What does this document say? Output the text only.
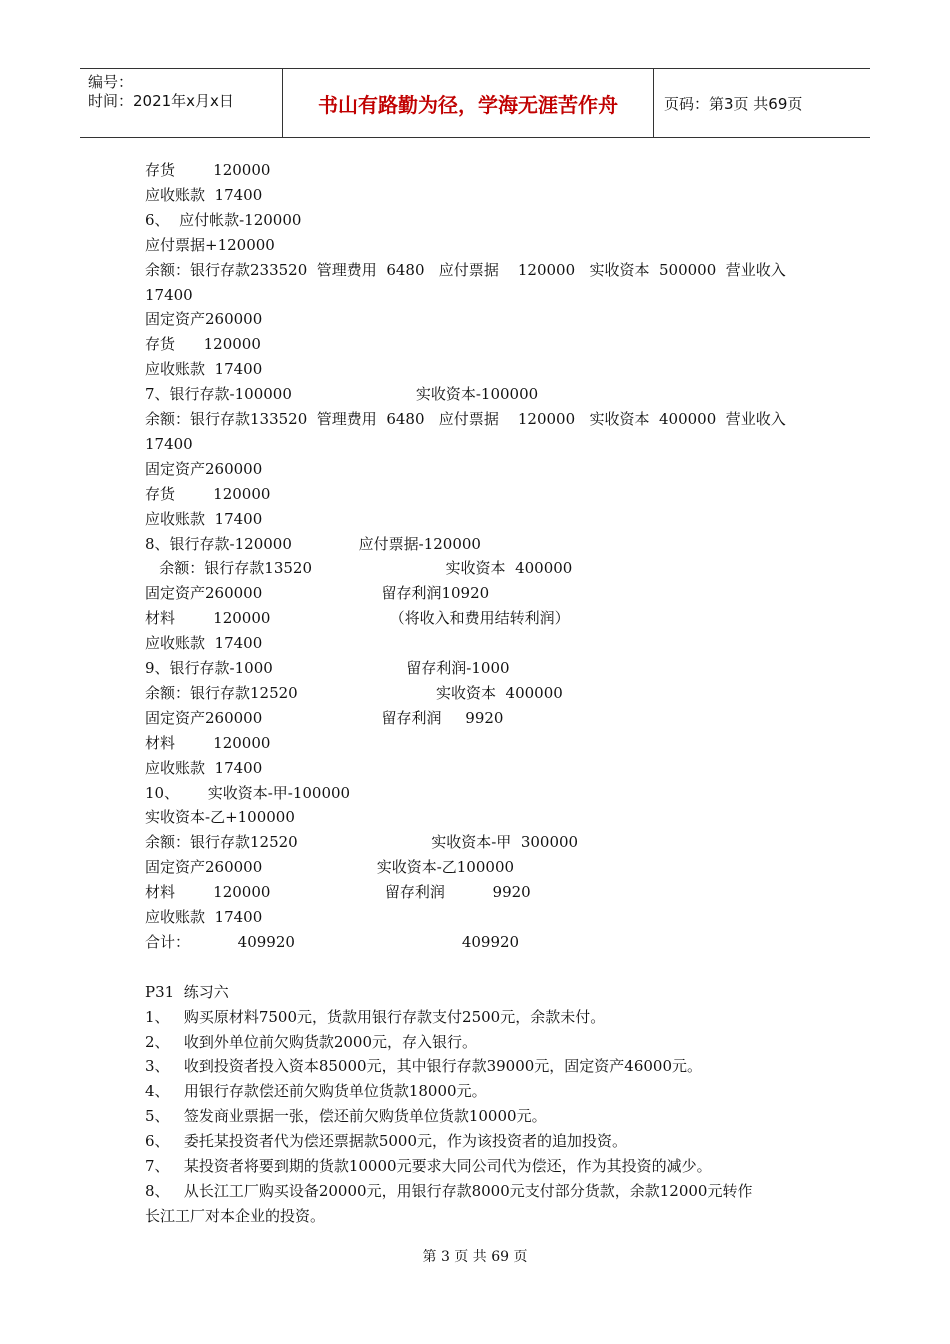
编号：
时间：2021年x月x日	书山有路勤为径，学海无涯苦作舟	页码：第3页 共69页
存货        120000
应收账款  17400
6、  应付帐款-120000
应付票据+120000
余额：银行存款233520  管理费用  6480   应付票据    120000   实收资本  500000  营业收入
17400
固定资产260000
存货      120000
应收账款  17400
7、银行存款-100000                          实收资本-100000
余额：银行存款133520  管理费用  6480   应付票据    120000   实收资本  400000  营业收入
17400
固定资产260000
存货        120000
应收账款  17400
8、银行存款-120000              应付票据-120000
余额：银行存款13520                            实收资本  400000
固定资产260000                         留存利润10920
材料        120000                         （将收入和费用结转利润）
应收账款  17400
9、银行存款-1000                            留存利润-1000
余额：银行存款12520                             实收资本  400000
固定资产260000                         留存利润     9920
材料        120000
应收账款  17400
10、      实收资本-甲-100000
实收资本-乙+100000
余额：银行存款12520                            实收资本-甲  300000
固定资产260000                        实收资本-乙100000
材料        120000                        留存利润          9920
应收账款  17400
合计：          409920                                   409920
P31  练习六
1、   购买原材料7500元，货款用银行存款支付2500元，余款未付。
2、   收到外单位前欠购货款2000元，存入银行。
3、   收到投资者投入资本85000元，其中银行存款39000元，固定资产46000元。
4、   用银行存款偿还前欠购货单位货款18000元。
5、   签发商业票据一张，偿还前欠购货单位货款10000元。
6、   委托某投资者代为偿还票据款5000元，作为该投资者的追加投资。
7、   某投资者将要到期的货款10000元要求大同公司代为偿还，作为其投资的减少。
8、   从长江工厂购买设备20000元，用银行存款8000元支付部分货款，余款12000元转作
长江工厂对本企业的投资。
第 3 页 共 69 页
